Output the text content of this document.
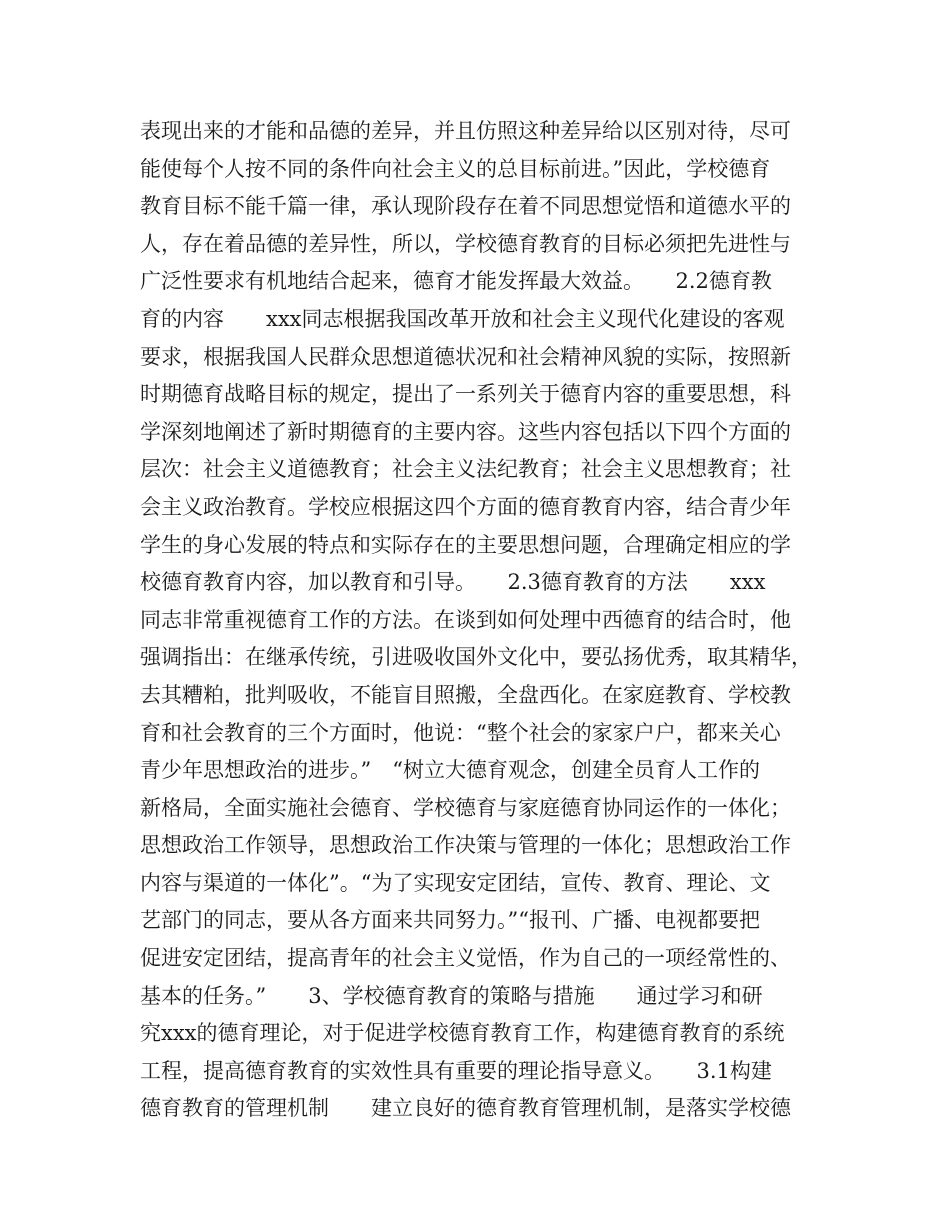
表现出来的才能和品德的差异，并且仿照这种差异给以区别对待，尽可
能使每个人按不同的条件向社会主义的总目标前进。”因此，学校德育
教育目标不能千篇一律，承认现阶段存在着不同思想觉悟和道德水平的
人，存在着品德的差异性，所以，学校德育教育的目标必须把先进性与
广泛性要求有机地结合起来，德育才能发挥最大效益。　　2.2德育教
育的内容　　xxx同志根据我国改革开放和社会主义现代化建设的客观
要求，根据我国人民群众思想道德状况和社会精神风貌的实际，按照新
时期德育战略目标的规定，提出了一系列关于德育内容的重要思想，科
学深刻地阐述了新时期德育的主要内容。这些内容包括以下四个方面的
层次：社会主义道德教育；社会主义法纪教育；社会主义思想教育；社
会主义政治教育。学校应根据这四个方面的德育教育内容，结合青少年
学生的身心发展的特点和实际存在的主要思想问题，合理确定相应的学
校德育教育内容，加以教育和引导。　　2.3德育教育的方法　　xxx
同志非常重视德育工作的方法。在谈到如何处理中西德育的结合时，他
强调指出：在继承传统，引进吸收国外文化中，要弘扬优秀，取其精华，
去其糟粕，批判吸收，不能盲目照搬，全盘西化。在家庭教育、学校教
育和社会教育的三个方面时，他说：“整个社会的家家户户，都来关心
青少年思想政治的进步。”　“树立大德育观念，创建全员育人工作的
新格局，全面实施社会德育、学校德育与家庭德育协同运作的一体化；
思想政治工作领导，思想政治工作决策与管理的一体化；思想政治工作
内容与渠道的一体化”。“为了实现安定团结，宣传、教育、理论、文
艺部门的同志，要从各方面来共同努力。”“报刊、广播、电视都要把
促进安定团结，提高青年的社会主义觉悟，作为自己的一项经常性的、
基本的任务。”　　3、学校德育教育的策略与措施　　通过学习和研
究xxx的德育理论，对于促进学校德育教育工作，构建德育教育的系统
工程，提高德育教育的实效性具有重要的理论指导意义。　　3.1构建
德育教育的管理机制　　建立良好的德育教育管理机制，是落实学校德
